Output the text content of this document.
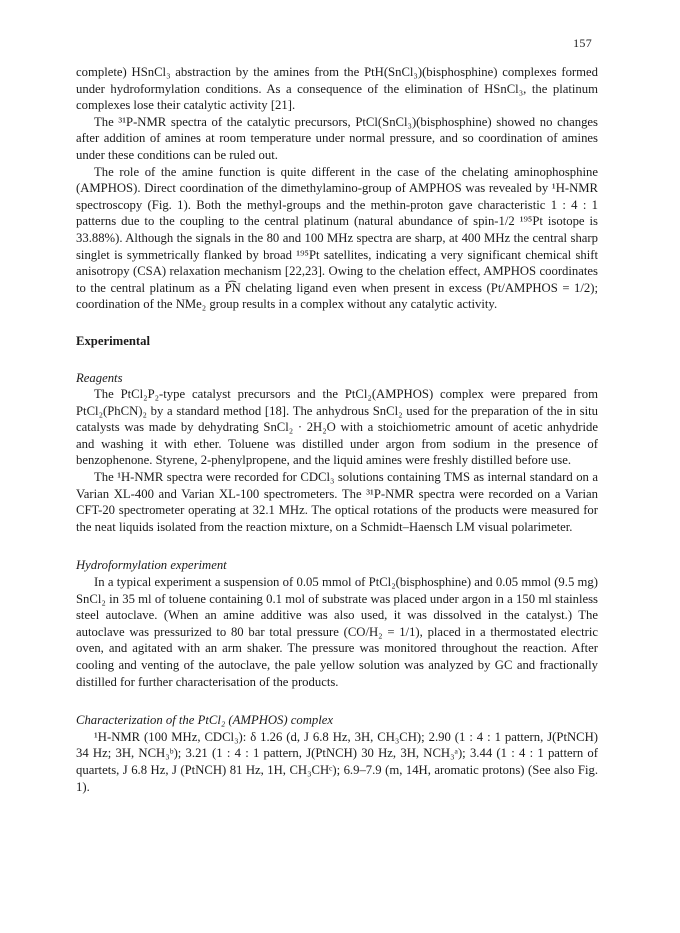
157

complete) HSnCl₃ abstraction by the amines from the PtH(SnCl₃)(bisphosphine) complexes formed under hydroformylation conditions. As a consequence of the elimination of HSnCl₃, the platinum complexes lose their catalytic activity [21].

The ³¹P-NMR spectra of the catalytic precursors, PtCl(SnCl₃)(bisphosphine) showed no changes after addition of amines at room temperature under normal pressure, and so coordination of amines under these conditions can be ruled out.

The role of the amine function is quite different in the case of the chelating aminophosphine (AMPHOS). Direct coordination of the dimethylamino-group of AMPHOS was revealed by ¹H-NMR spectroscopy (Fig. 1). Both the methyl-groups and the methin-proton gave characteristic 1 : 4 : 1 patterns due to the coupling to the central platinum (natural abundance of spin-1/2 ¹⁹⁵Pt isotope is 33.88%). Although the signals in the 80 and 100 MHz spectra are sharp, at 400 MHz the central sharp singlet is symmetrically flanked by broad ¹⁹⁵Pt satellites, indicating a very significant chemical shift anisotropy (CSA) relaxation mechanism [22,23]. Owing to the chelation effect, AMPHOS coordinates to the central platinum as a P͡N chelating ligand even when present in excess (Pt/AMPHOS = 1/2); coordination of the NMe₂ group results in a complex without any catalytic activity.

Experimental

Reagents

The PtCl₂P₂-type catalyst precursors and the PtCl₂(AMPHOS) complex were prepared from PtCl₂(PhCN)₂ by a standard method [18]. The anhydrous SnCl₂ used for the preparation of the in situ catalysts was made by dehydrating SnCl₂ · 2H₂O with a stoichiometric amount of acetic anhydride and washing it with ether. Toluene was distilled under argon from sodium in the presence of benzophenone. Styrene, 2-phenylpropene, and the liquid amines were freshly distilled before use.

The ¹H-NMR spectra were recorded for CDCl₃ solutions containing TMS as internal standard on a Varian XL-400 and Varian XL-100 spectrometers. The ³¹P-NMR spectra were recorded on a Varian CFT-20 spectrometer operating at 32.1 MHz. The optical rotations of the products were measured for the neat liquids isolated from the reaction mixture, on a Schmidt–Haensch LM visual polarimeter.

Hydroformylation experiment

In a typical experiment a suspension of 0.05 mmol of PtCl₂(bisphosphine) and 0.05 mmol (9.5 mg) SnCl₂ in 35 ml of toluene containing 0.1 mol of substrate was placed under argon in a 150 ml stainless steel autoclave. (When an amine additive was also used, it was dissolved in the catalyst.) The autoclave was pressurized to 80 bar total pressure (CO/H₂ = 1/1), placed in a thermostated electric oven, and agitated with an arm shaker. The pressure was monitored throughout the reaction. After cooling and venting of the autoclave, the pale yellow solution was analyzed by GC and fractionally distilled for further characterisation of the products.

Characterization of the PtCl₂ (AMPHOS) complex

¹H-NMR (100 MHz, CDCl₃): δ 1.26 (d, J 6.8 Hz, 3H, CH₃CH); 2.90 (1 : 4 : 1 pattern, J(PtNCH) 34 Hz; 3H, NCH₃ᵇ); 3.21 (1 : 4 : 1 pattern, J(PtNCH) 30 Hz, 3H, NCH₃ᵃ); 3.44 (1 : 4 : 1 pattern of quartets, J 6.8 Hz, J (PtNCH) 81 Hz, 1H, CH₃CHᶜ); 6.9–7.9 (m, 14H, aromatic protons) (See also Fig. 1).
